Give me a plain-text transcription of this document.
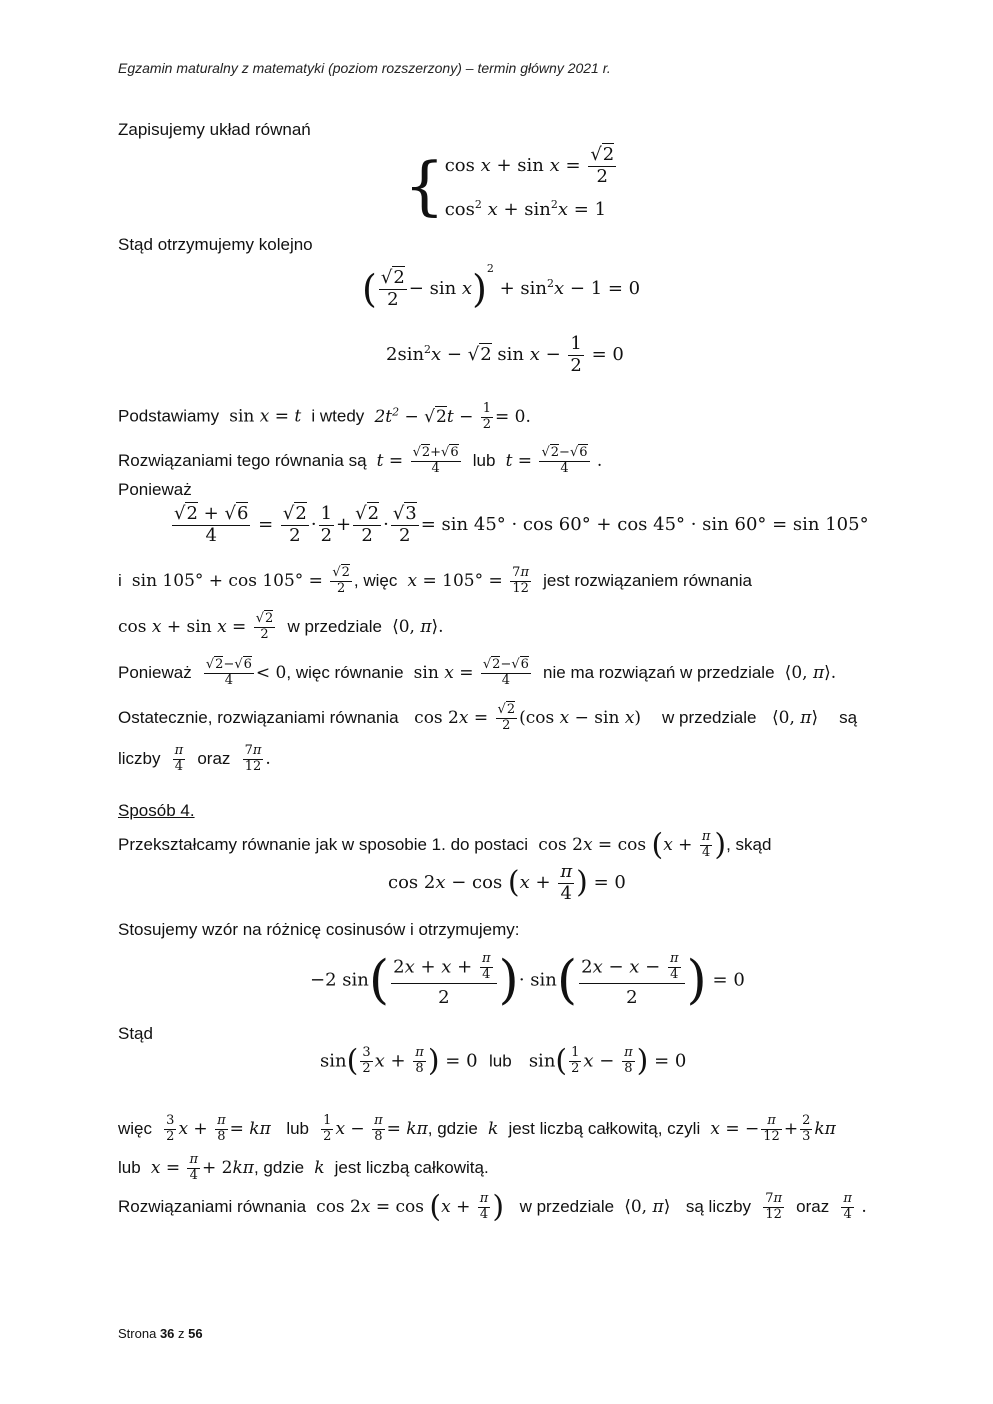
Egzamin maturalny z matematyki (poziom rozszerzony) – termin główny 2021 r.
Zapisujemy układ równań
{ $\cos x + \sin x = \frac{√2}{2}$
$\cos^2 x + \sin^2x = 1$
Stąd otrzymujemy kolejno
( $\frac{√2}{2} - \sin x)^2 + \sin^2x - 1 = 0$
$2\sin^2x - √2$ $\sin x - \frac{1}{2} = 0$
Podstawiamy sin x = t  i wtedy  $2t^2 - √2t - \frac{1}{2} = 0$.
Rozwiązaniami tego równania są  $t = \frac{√2+√6}{4}$ lub  $t = \frac{√2-√6}{4}$ .
Ponieważ
$\frac{√2 + √6}{4} = \frac{√2}{2} \cdot \frac{1}{2} + \frac{√2}{2} \cdot \frac{√3}{2} = \sin 45^\circ \cdot \cos 60^\circ + \cos 45^\circ \cdot \sin 60^\circ = \sin 105^\circ$
i  $\sin 105^\circ + \cos 105^\circ = \frac{√2}{2}$ , więc  $x = 105^\circ = \frac{7\pi}{12}$ jest rozwiązaniem równania
$\cos x + \sin x = \frac{√2}{2}$ w przedziale  ⟨0, π⟩.
Ponieważ $\frac{√2-√6}{4} < 0$, więc równanie  $\sin x = \frac{√2-√6}{4}$ nie ma rozwiązań w przedziale  ⟨0, π⟩.
Ostatecznie, rozwiązaniami równania   $\cos 2x = \frac{√2}{2} (\cos$ x − sin x)    w przedziale   ⟨0, π⟩    są
liczby $\frac{\pi}{4}$ oraz $\frac{7\pi}{12}$ .
Sposób 4.
Przekształcamy równanie jak w sposobie 1. do postaci  $\cos 2x = \cos (x + \frac{\pi}{4}$ ), skąd
$\cos 2x - \cos (x + \frac{\pi}{4}$ ) = 0
Stosujemy wzór na różnicę cosinusów i otrzymujemy:
−2 $\sin( \frac{2x + x + \frac{\pi}{4}}{2}$ )· $\sin( \frac{2x - x - \frac{\pi}{4}}{2}$ ) = 0
Stąd
$\sin( \frac{3}{2}$ $x + \frac{\pi}{8}$ ) = 0  lub   $\sin( \frac{1}{2}$ $x - \frac{\pi}{8}$ ) = 0
więc $\frac{3}{2}$ $x + \frac{\pi}{8} = k\pi$ lub $\frac{1}{2}$ $x - \frac{\pi}{8} = k\pi$, gdzie  k  jest liczbą całkowitą, czyli x = − $\frac{\pi}{12} + \frac{2}{3}$ kπ
lub $x = \frac{\pi}{4} + 2k\pi$, gdzie  k  jest liczbą całkowitą.
Rozwiązaniami równania  $\cos 2x = \cos (x + \frac{\pi}{4}$ ) w przedziale  ⟨0, π⟩   są liczby $\frac{7\pi}{12}$ oraz $\frac{\pi}{4}$ .
Strona 36 z 56
